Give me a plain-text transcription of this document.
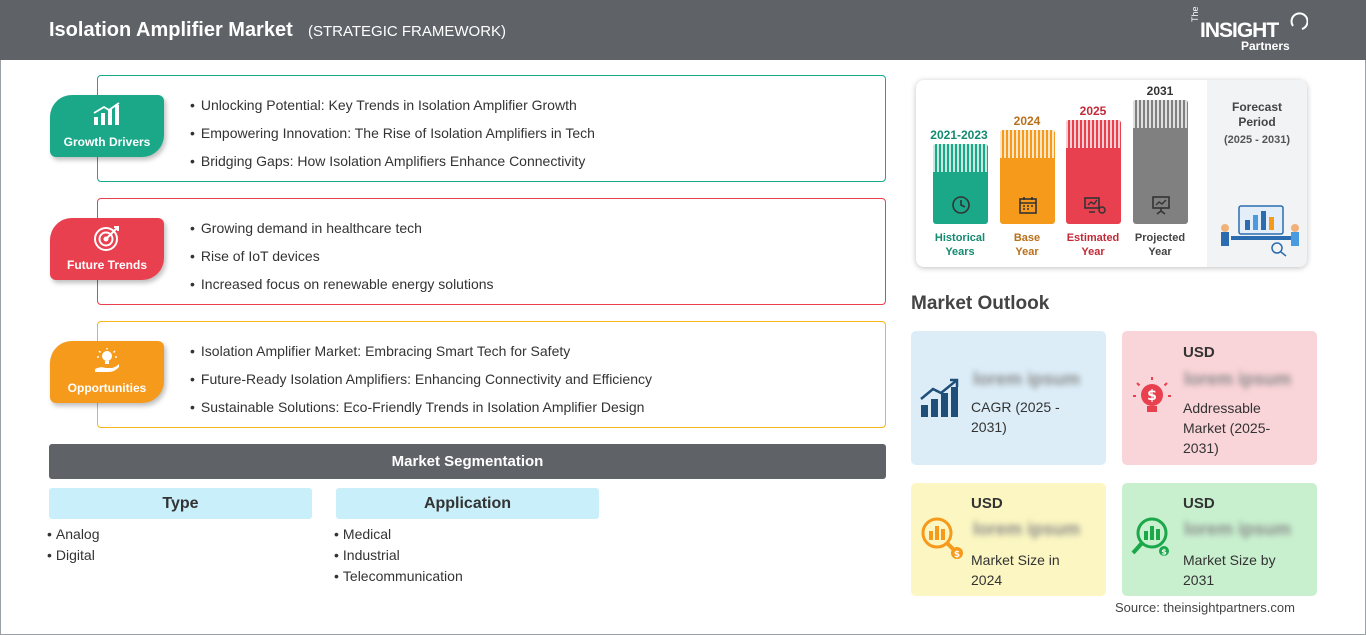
Isolation Amplifier Market (STRATEGIC FRAMEWORK)
The
INSIGHT
Partners
• Unlocking Potential: Key Trends in Isolation Amplifier Growth
• Empowering Innovation: The Rise of Isolation Amplifiers in Tech
• Bridging Gaps: How Isolation Amplifiers Enhance Connectivity
Growth Drivers
• Growing demand in healthcare tech
• Rise of IoT devices
• Increased focus on renewable energy solutions
Future Trends
• Isolation Amplifier Market: Embracing Smart Tech for Safety
• Future-Ready Isolation Amplifiers: Enhancing Connectivity and Efficiency
• Sustainable Solutions: Eco-Friendly Trends in Isolation Amplifier Design
Opportunities
Market Segmentation
Type	Application
• Analog
• Digital
• Medical
• Industrial
• Telecommunication
2021-2023
2024
2025
2031
Historical
Years
Base
Year
Estimated
Year
Projected
Year
Forecast Period
(2025 - 2031)
Market Outlook
lorem ipsum
CAGR (2025 - 2031)
USD
$
lorem ipsum
Addressable Market (2025-2031)
USD
$
lorem ipsum
Market Size in 2024
USD
$
lorem ipsum
Market Size by 2031
Source: theinsightpartners.com
